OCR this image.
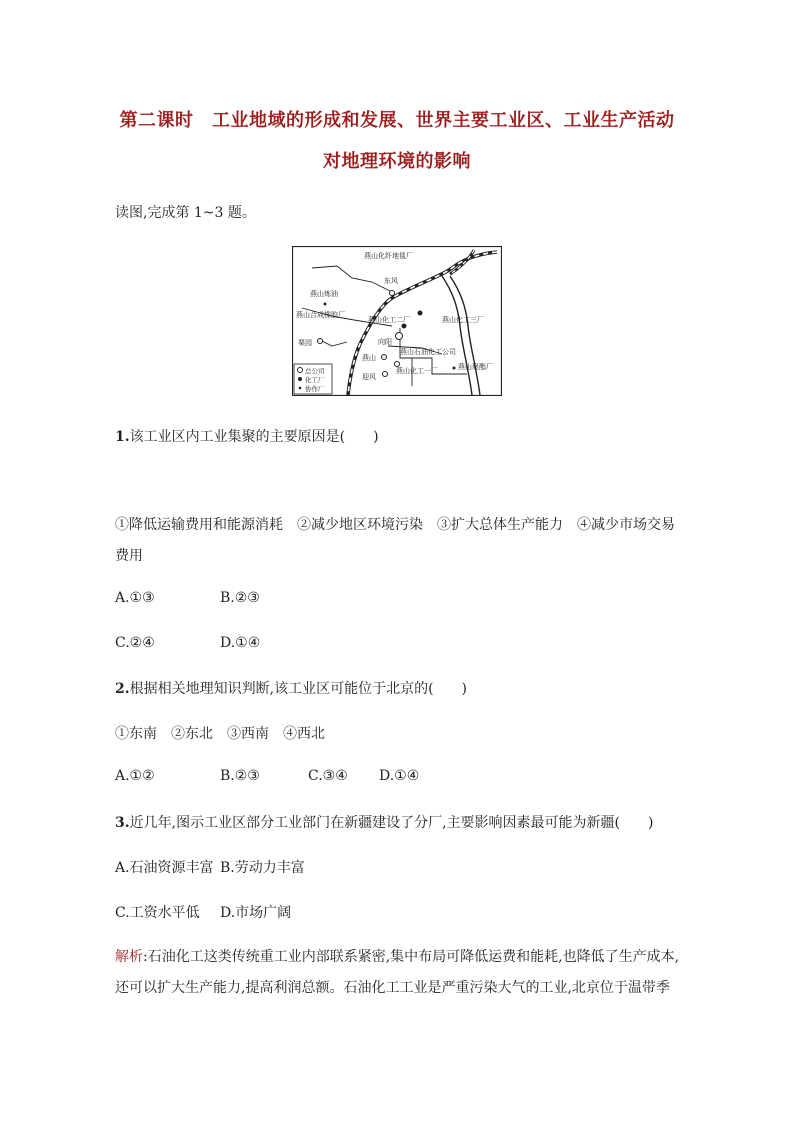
第二课时　工业地域的形成和发展、世界主要工业区、工业生产活动
对地理环境的影响
读图,完成第 1~3 题。
燕山化纤地毯厂
东风
燕山炼油
燕山合成橡胶厂
燕山化工二厂	燕山化工三厂
栗园	向阳
燕山石油化工公司
燕山
燕山化工一厂	燕山聚酯厂
迎风
总公司
化工厂
协作厂
1.该工业区内工业集聚的主要原因是(　　)
①降低运输费用和能源消耗　②减少地区环境污染　③扩大总体生产能力　④减少市场交易
费用
A.①③	B.②③
C.②④	D.①④
2.根据相关地理知识判断,该工业区可能位于北京的(　　)
①东南　②东北　③西南　④西北
A.①②	B.②③	C.③④ D.①④
3.近几年,图示工业区部分工业部门在新疆建设了分厂,主要影响因素最可能为新疆(　　)
A.石油资源丰富 B.劳动力丰富
C.工资水平低 D.市场广阔
解析:石油化工这类传统重工业内部联系紧密,集中布局可降低运费和能耗,也降低了生产成本,
还可以扩大生产能力,提高利润总额。石油化工工业是严重污染大气的工业,北京位于温带季
